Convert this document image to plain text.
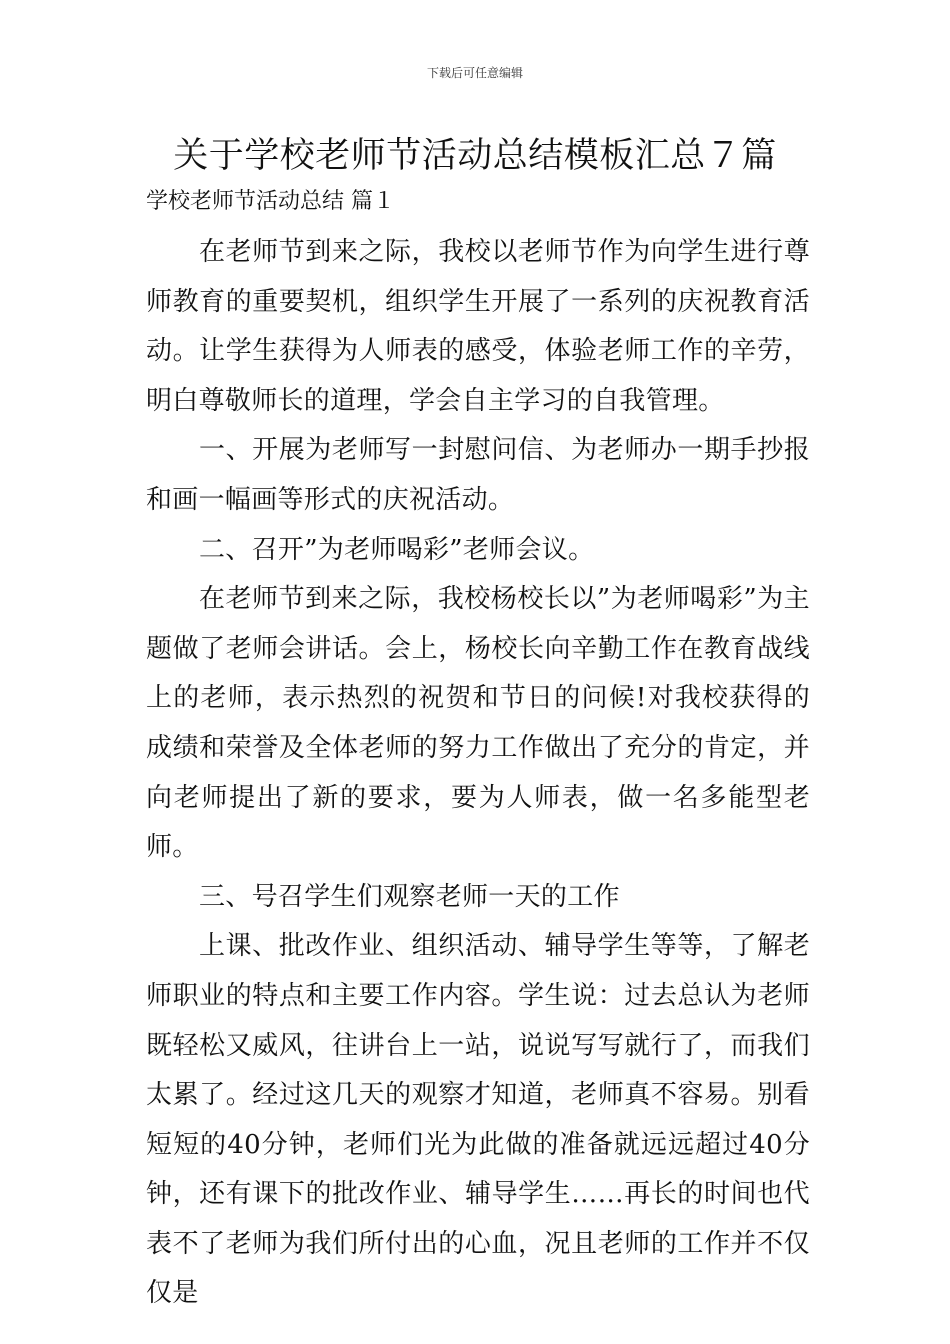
下载后可任意编辑
关于学校老师节活动总结模板汇总７篇
学校老师节活动总结 篇１

在老师节到来之际，我校以老师节作为向学生进行尊师教育的重要契机，组织学生开展了一系列的庆祝教育活动。让学生获得为人师表的感受，体验老师工作的辛劳，明白尊敬师长的道理，学会自主学习的自我管理。

一、开展为老师写一封慰问信、为老师办一期手抄报和画一幅画等形式的庆祝活动。

二、召开”为老师喝彩”老师会议。

在老师节到来之际，我校杨校长以”为老师喝彩”为主题做了老师会讲话。会上，杨校长向辛勤工作在教育战线上的老师，表示热烈的祝贺和节日的问候!对我校获得的成绩和荣誉及全体老师的努力工作做出了充分的肯定，并向老师提出了新的要求，要为人师表，做一名多能型老师。

三、号召学生们观察老师一天的工作

上课、批改作业、组织活动、辅导学生等等，了解老师职业的特点和主要工作内容。学生说：过去总认为老师既轻松又威风，往讲台上一站，说说写写就行了，而我们太累了。经过这几天的观察才知道，老师真不容易。别看短短的40分钟，老师们光为此做的准备就远远超过40分钟，还有课下的批改作业、辅导学生……再长的时间也代表不了老师为我们所付出的心血，况且老师的工作并不仅仅是
